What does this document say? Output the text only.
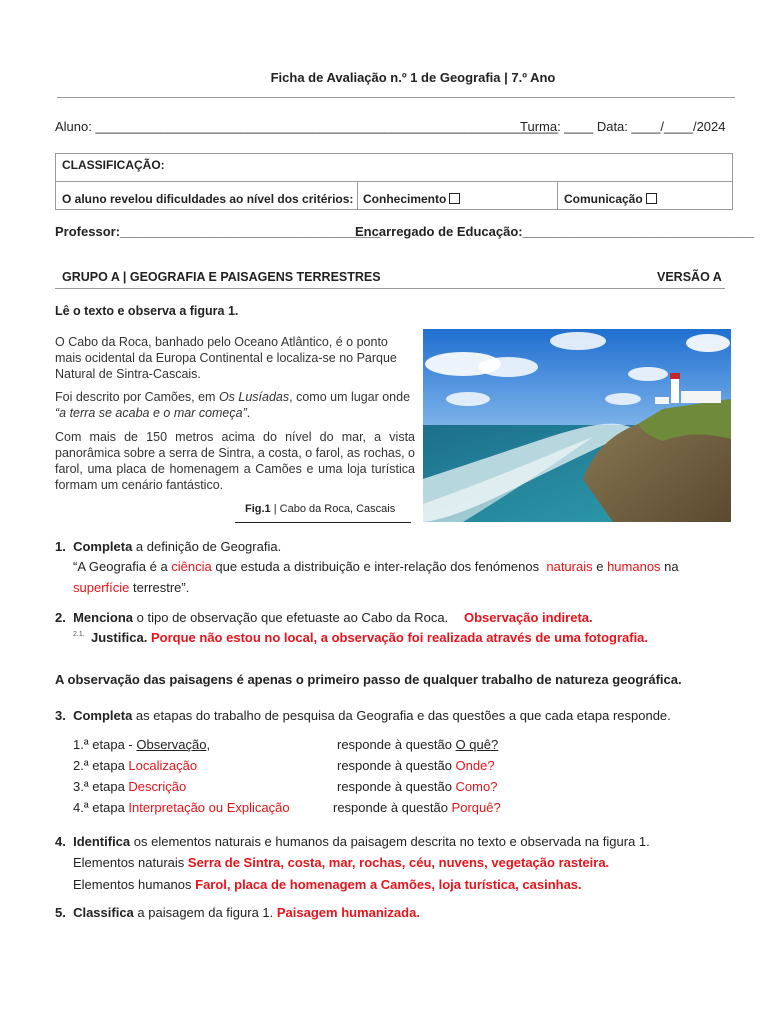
Ficha de Avaliação n.º 1 de Geografia | 7.º Ano
Aluno: ________________________________________________________________
Turma: ____ Data: ____/____/2024
CLASSIFICAÇÃO:
O aluno revelou dificuldades ao nível dos critérios: Conhecimento	Comunicação
Professor:____________________________________
Encarregado de Educação:________________________________
GRUPO A | GEOGRAFIA E PAISAGENS TERRESTRES	VERSÃO A
Lê o texto e observa a figura 1.
O Cabo da Roca, banhado pelo Oceano Atlântico, é o ponto mais ocidental da Europa Continental e localiza-se no Parque Natural de Sintra-Cascais.
Foi descrito por Camões, em Os Lusíadas, como um lugar onde “a terra se acaba e o mar começa”.
Com mais de 150 metros acima do nível do mar, a vista panorâmica sobre a serra de Sintra, a costa, o farol, as rochas, o farol, uma placa de homenagem a Camões e uma loja turística formam um cenário fantástico.
Fig.1 | Cabo da Roca, Cascais
1. Completa a definição de Geografia.
“A Geografia é a ciência que estuda a distribuição e inter-relação dos fenómenos  naturais e humanos na
superfície terrestre”.
2. Menciona o tipo de observação que efetuaste ao Cabo da Roca. Observação indireta.
2.1. Justifica. Porque não estou no local, a observação foi realizada através de uma fotografia.
A observação das paisagens é apenas o primeiro passo de qualquer trabalho de natureza geográfica.
3. Completa as etapas do trabalho de pesquisa da Geografia e das questões a que cada etapa responde.
1.ª etapa - Observação,	responde à questão O quê?
2.ª etapa Localização	responde à questão Onde?
3.ª etapa Descrição	responde à questão Como?
4.ª etapa Interpretação ou Explicação	responde à questão Porquê?
4. Identifica os elementos naturais e humanos da paisagem descrita no texto e observada na figura 1.
Elementos naturais Serra de Sintra, costa, mar, rochas, céu, nuvens, vegetação rasteira.
Elementos humanos Farol, placa de homenagem a Camões, loja turística, casinhas.
5. Classifica a paisagem da figura 1. Paisagem humanizada.
